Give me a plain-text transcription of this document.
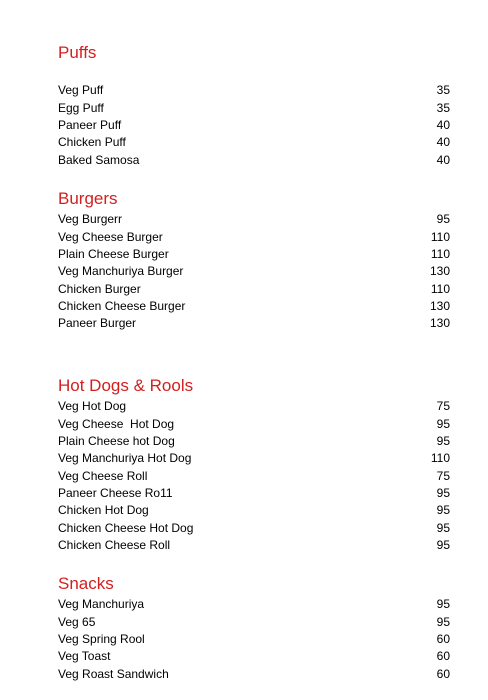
Puffs
Veg Puff	35
Egg Puff	35
Paneer Puff	40
Chicken Puff	40
Baked Samosa	40
Burgers
Veg Burgerr	95
Veg Cheese Burger	110
Plain Cheese Burger	110
Veg Manchuriya Burger	130
Chicken Burger	110
Chicken Cheese Burger	130
Paneer Burger	130
Hot Dogs & Rools
Veg Hot Dog	75
Veg Cheese  Hot Dog	95
Plain Cheese hot Dog	95
Veg Manchuriya Hot Dog	110
Veg Cheese Roll	75
Paneer Cheese Ro11	95
Chicken Hot Dog	95
Chicken Cheese Hot Dog	95
Chicken Cheese Roll	95
Snacks
Veg Manchuriya	95
Veg 65	95
Veg Spring Rool	60
Veg Toast	60
Veg Roast Sandwich	60
